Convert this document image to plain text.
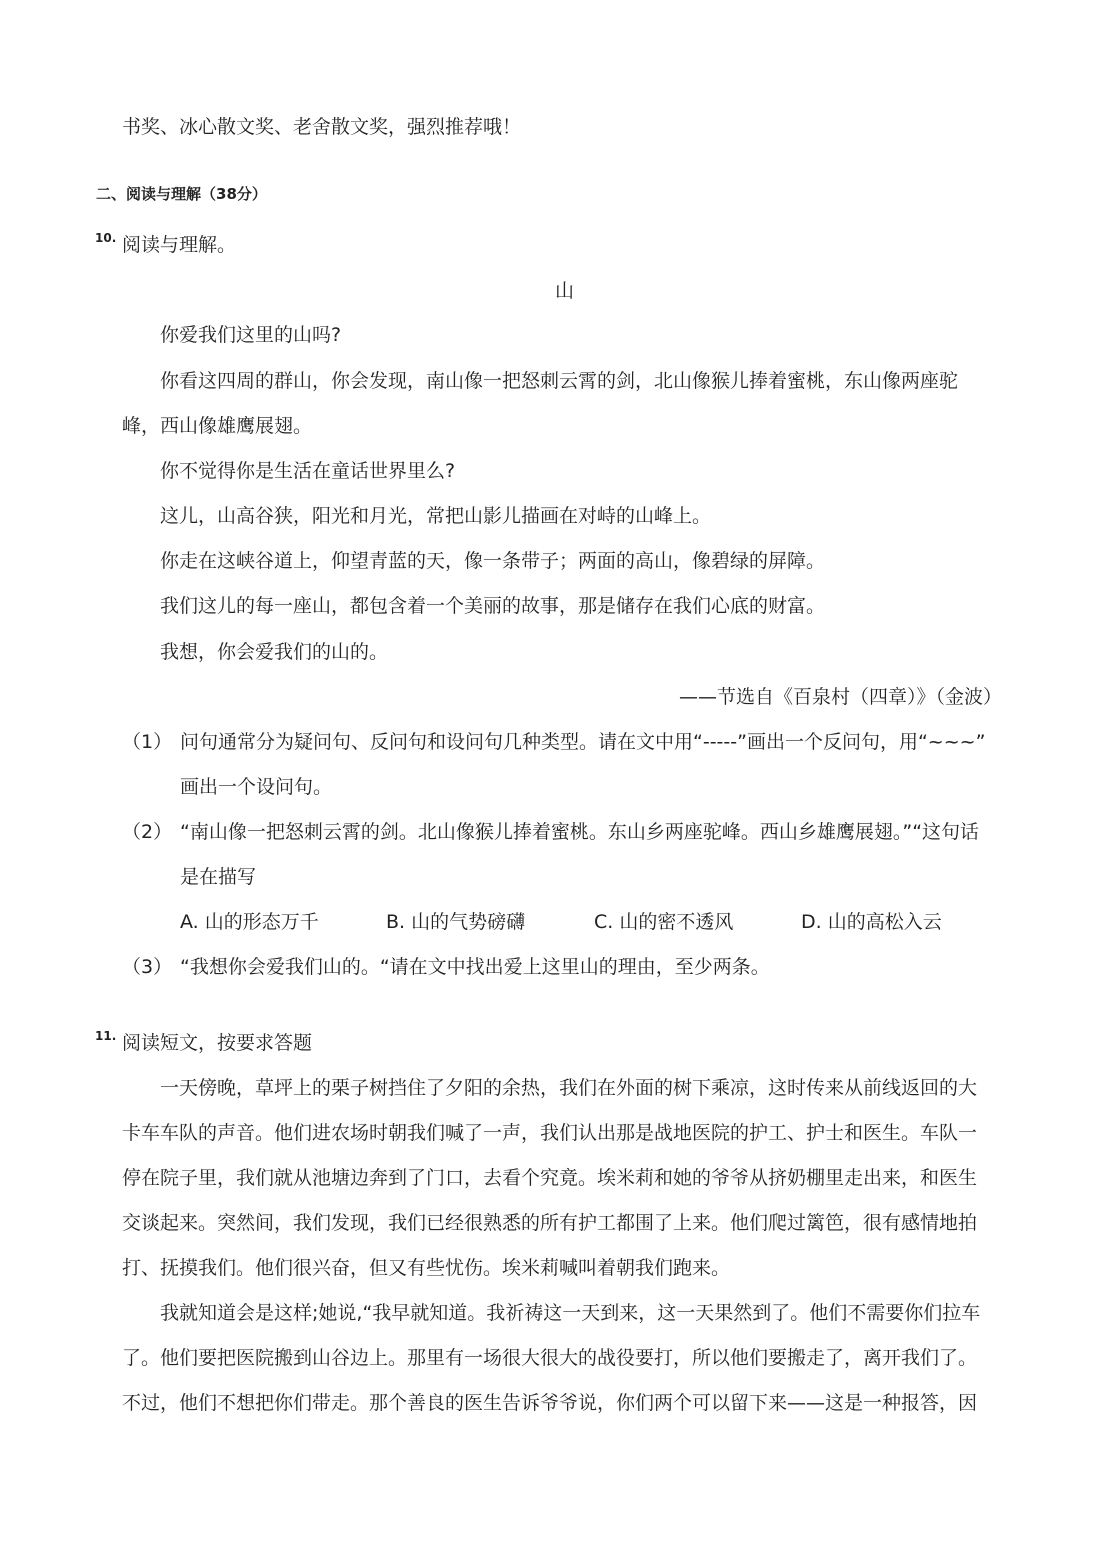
书奖、冰心散文奖、老舍散文奖，强烈推荐哦！
二、阅读与理解（38分）
10. 阅读与理解。
山
你爱我们这里的山吗?
你看这四周的群山，你会发现，南山像一把怒刺云霄的剑，北山像猴儿捧着蜜桃，东山像两座驼
峰，西山像雄鹰展翅。
你不觉得你是生活在童话世界里么?
这儿，山高谷狭，阳光和月光，常把山影儿描画在对峙的山峰上。
你走在这峡谷道上，仰望青蓝的天，像一条带子；两面的高山，像碧绿的屏障。
我们这儿的每一座山，都包含着一个美丽的故事，那是储存在我们心底的财富。
我想，你会爱我们的山的。
——节选自《百泉村（四章）》（金波）
（1） 问句通常分为疑问句、反问句和设问句几种类型。请在文中用“-----”画出一个反问句，用“~~~”
画出一个设问句。
（2） “南山像一把怒刺云霄的剑。北山像猴儿捧着蜜桃。东山乡两座驼峰。西山乡雄鹰展翅。”“这句话
是在描写
A. 山的形态万千	B. 山的气势磅礴	C. 山的密不透风	D. 山的高松入云
（3） “我想你会爱我们山的。“请在文中找出爱上这里山的理由，至少两条。
11. 阅读短文，按要求答题
一天傍晚，草坪上的栗子树挡住了夕阳的余热，我们在外面的树下乘凉，这时传来从前线返回的大
卡车车队的声音。他们进农场时朝我们喊了一声，我们认出那是战地医院的护工、护士和医生。车队一
停在院子里，我们就从池塘边奔到了门口，去看个究竟。埃米莉和她的爷爷从挤奶棚里走出来，和医生
交谈起来。突然间，我们发现，我们已经很熟悉的所有护工都围了上来。他们爬过篱笆，很有感情地拍
打、抚摸我们。他们很兴奋，但又有些忧伤。埃米莉喊叫着朝我们跑来。
我就知道会是这样;她说,“我早就知道。我祈祷这一天到来，这一天果然到了。他们不需要你们拉车
了。他们要把医院搬到山谷边上。那里有一场很大很大的战役要打，所以他们要搬走了，离开我们了。
不过，他们不想把你们带走。那个善良的医生告诉爷爷说，你们两个可以留下来——这是一种报答，因
